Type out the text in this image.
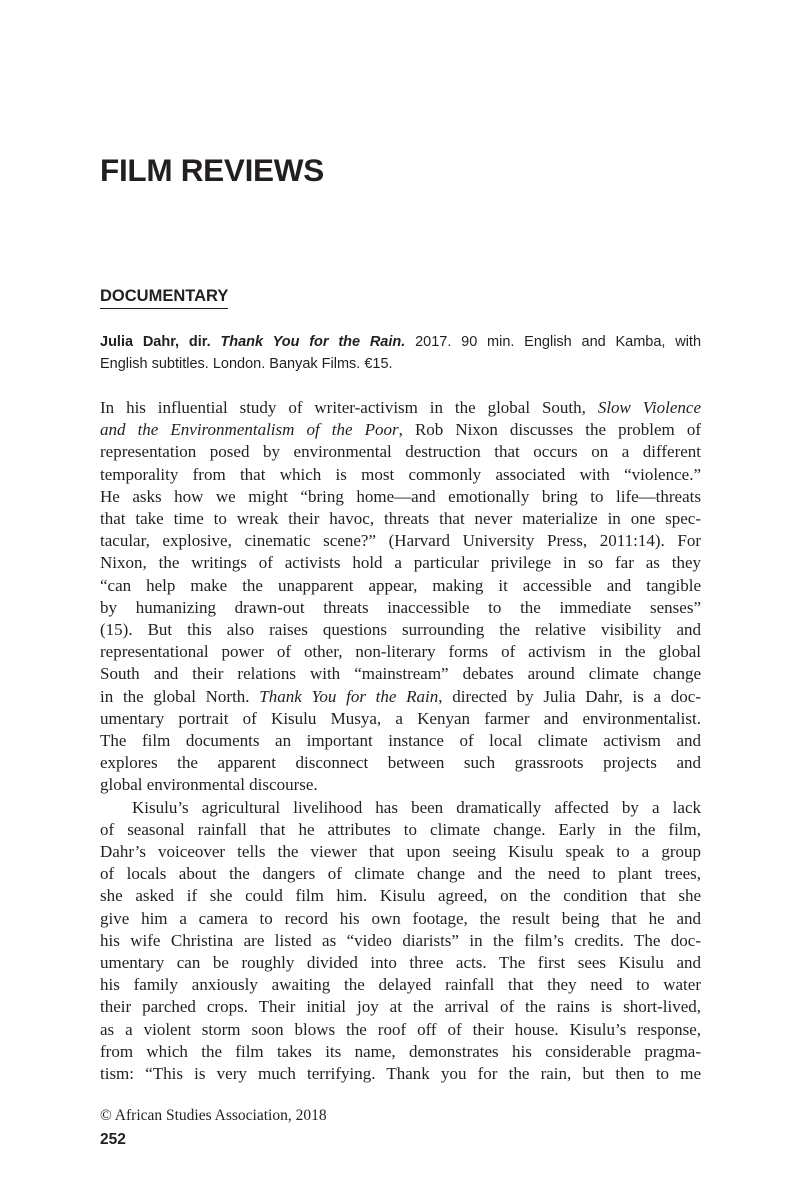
FILM REVIEWS
DOCUMENTARY
Julia Dahr, dir. Thank You for the Rain. 2017. 90 min. English and Kamba, with
English subtitles. London. Banyak Films. €15.
In his influential study of writer-activism in the global South, Slow Violence
and the Environmentalism of the Poor, Rob Nixon discusses the problem of
representation posed by environmental destruction that occurs on a different
temporality from that which is most commonly associated with “violence.”
He asks how we might “bring home—and emotionally bring to life—threats
that take time to wreak their havoc, threats that never materialize in one spec-
tacular, explosive, cinematic scene?” (Harvard University Press, 2011:14). For
Nixon, the writings of activists hold a particular privilege in so far as they
“can help make the unapparent appear, making it accessible and tangible
by humanizing drawn-out threats inaccessible to the immediate senses”
(15). But this also raises questions surrounding the relative visibility and
representational power of other, non-literary forms of activism in the global
South and their relations with “mainstream” debates around climate change
in the global North. Thank You for the Rain, directed by Julia Dahr, is a doc-
umentary portrait of Kisulu Musya, a Kenyan farmer and environmentalist.
The film documents an important instance of local climate activism and
explores the apparent disconnect between such grassroots projects and
global environmental discourse.
Kisulu’s agricultural livelihood has been dramatically affected by a lack
of seasonal rainfall that he attributes to climate change. Early in the film,
Dahr’s voiceover tells the viewer that upon seeing Kisulu speak to a group
of locals about the dangers of climate change and the need to plant trees,
she asked if she could film him. Kisulu agreed, on the condition that she
give him a camera to record his own footage, the result being that he and
his wife Christina are listed as “video diarists” in the film’s credits. The doc-
umentary can be roughly divided into three acts. The first sees Kisulu and
his family anxiously awaiting the delayed rainfall that they need to water
their parched crops. Their initial joy at the arrival of the rains is short-lived,
as a violent storm soon blows the roof off of their house. Kisulu’s response,
from which the film takes its name, demonstrates his considerable pragma-
tism: “This is very much terrifying. Thank you for the rain, but then to me

© African Studies Association, 2018

252
